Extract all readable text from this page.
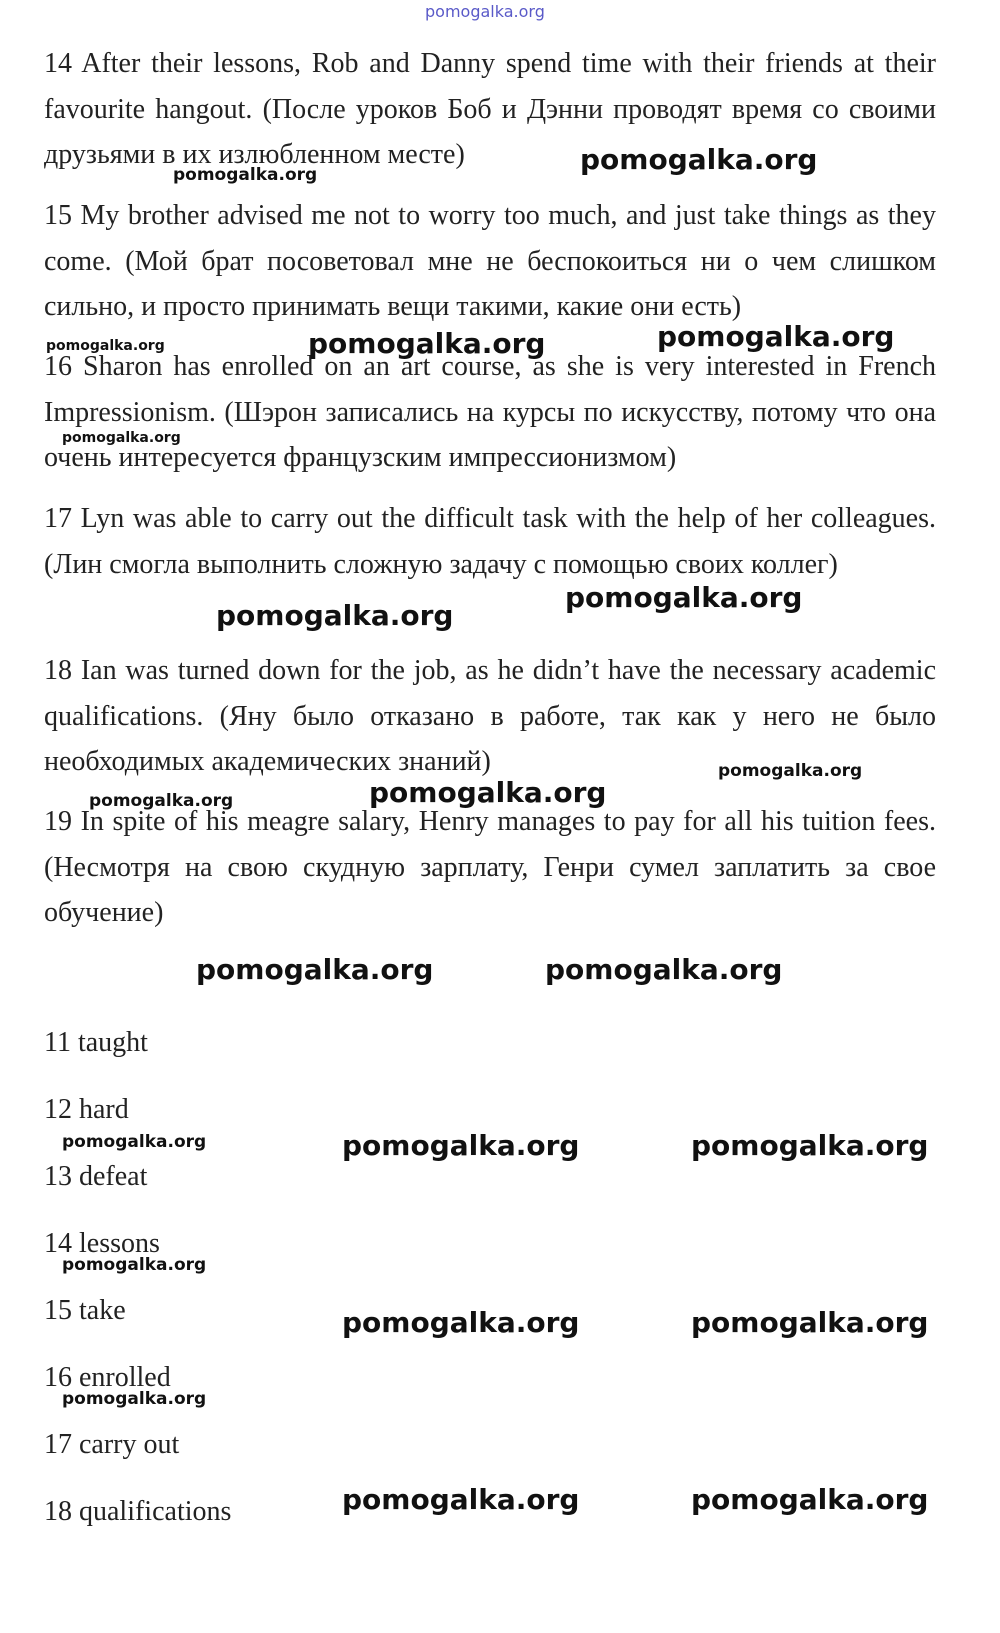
pomogalka.org

14 After their lessons, Rob and Danny spend time with their friends at their favourite hangout. (После уроков Боб и Дэнни проводят время со своими друзьями в их излюбленном месте)

15 My brother advised me not to worry too much, and just take things as they come. (Мой брат посоветовал мне не беспокоиться ни о чем слишком сильно, и просто принимать вещи такими, какие они есть)

16 Sharon has enrolled on an art course, as she is very interested in French Impressionism. (Шэрон записались на курсы по искусству, потому что она очень интересуется французским импрессионизмом)

17 Lyn was able to carry out the difficult task with the help of her colleagues. (Лин смогла выполнить сложную задачу с помощью своих коллег)

18 Ian was turned down for the job, as he didn’t have the necessary academic qualifications. (Яну было отказано в работе, так как у него не было необходимых академических знаний)

19 In spite of his meagre salary, Henry manages to pay for all his tuition fees. (Несмотря на свою скудную зарплату, Генри сумел заплатить за свое обучение)

11 taught
12 hard
13 defeat
14 lessons
15 take
16 enrolled
17 carry out
18 qualifications
pomogalka.org
pomogalka.org
pomogalka.org	pomogalka.org	pomogalka.org
pomogalka.org
pomogalka.org
pomogalka.org
pomogalka.org
pomogalka.org	pomogalka.org
pomogalka.org	pomogalka.org
pomogalka.org	pomogalka.org	pomogalka.org
pomogalka.org
pomogalka.org	pomogalka.org
pomogalka.org
pomogalka.org	pomogalka.org
